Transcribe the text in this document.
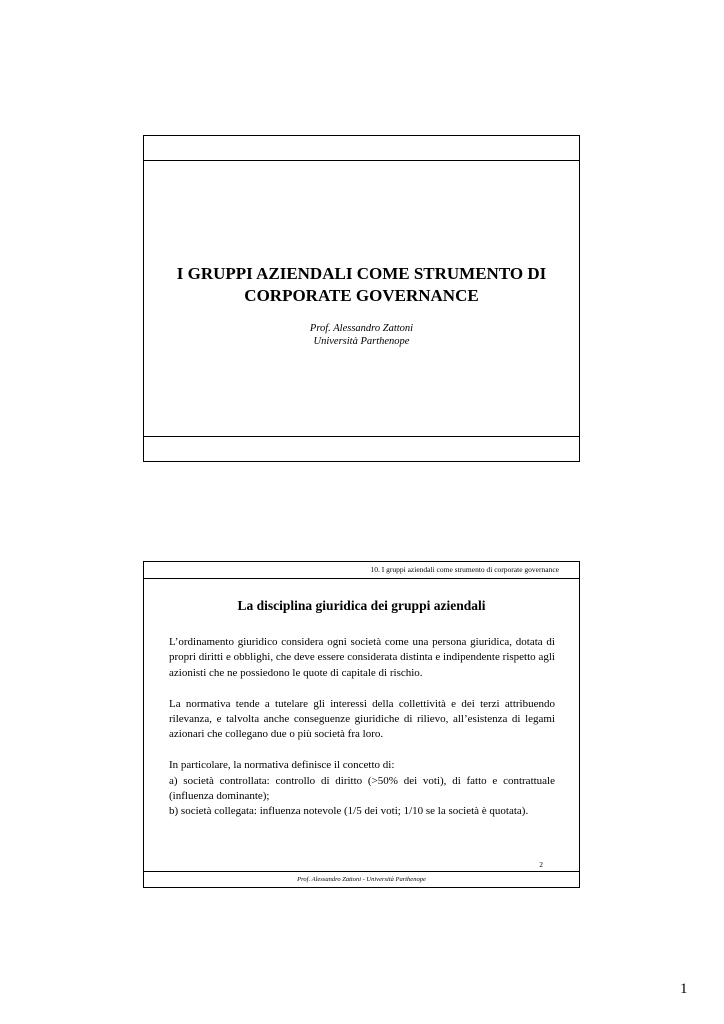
I GRUPPI AZIENDALI COME STRUMENTO DI
CORPORATE GOVERNANCE
Prof. Alessandro Zattoni
Università Parthenope
10. I gruppi aziendali come strumento di corporate governance
La disciplina giuridica dei gruppi aziendali

L’ordinamento giuridico considera ogni società come una persona giuridica, dotata di propri diritti e obblighi, che deve essere considerata distinta e indipendente rispetto agli azionisti che ne possiedono le quote di capitale di rischio.

La normativa tende a tutelare gli interessi della collettività e dei terzi attribuendo rilevanza, e talvolta anche conseguenze giuridiche di rilievo, all’esistenza di legami azionari che collegano due o più società fra loro.

In particolare, la normativa definisce il concetto di:
a) società controllata: controllo di diritto (>50% dei voti), di fatto e contrattuale (influenza dominante);
b) società collegata: influenza notevole (1/5 dei voti; 1/10 se la società è quotata).
2
Prof. Alessandro Zattoni - Università Parthenope
1
